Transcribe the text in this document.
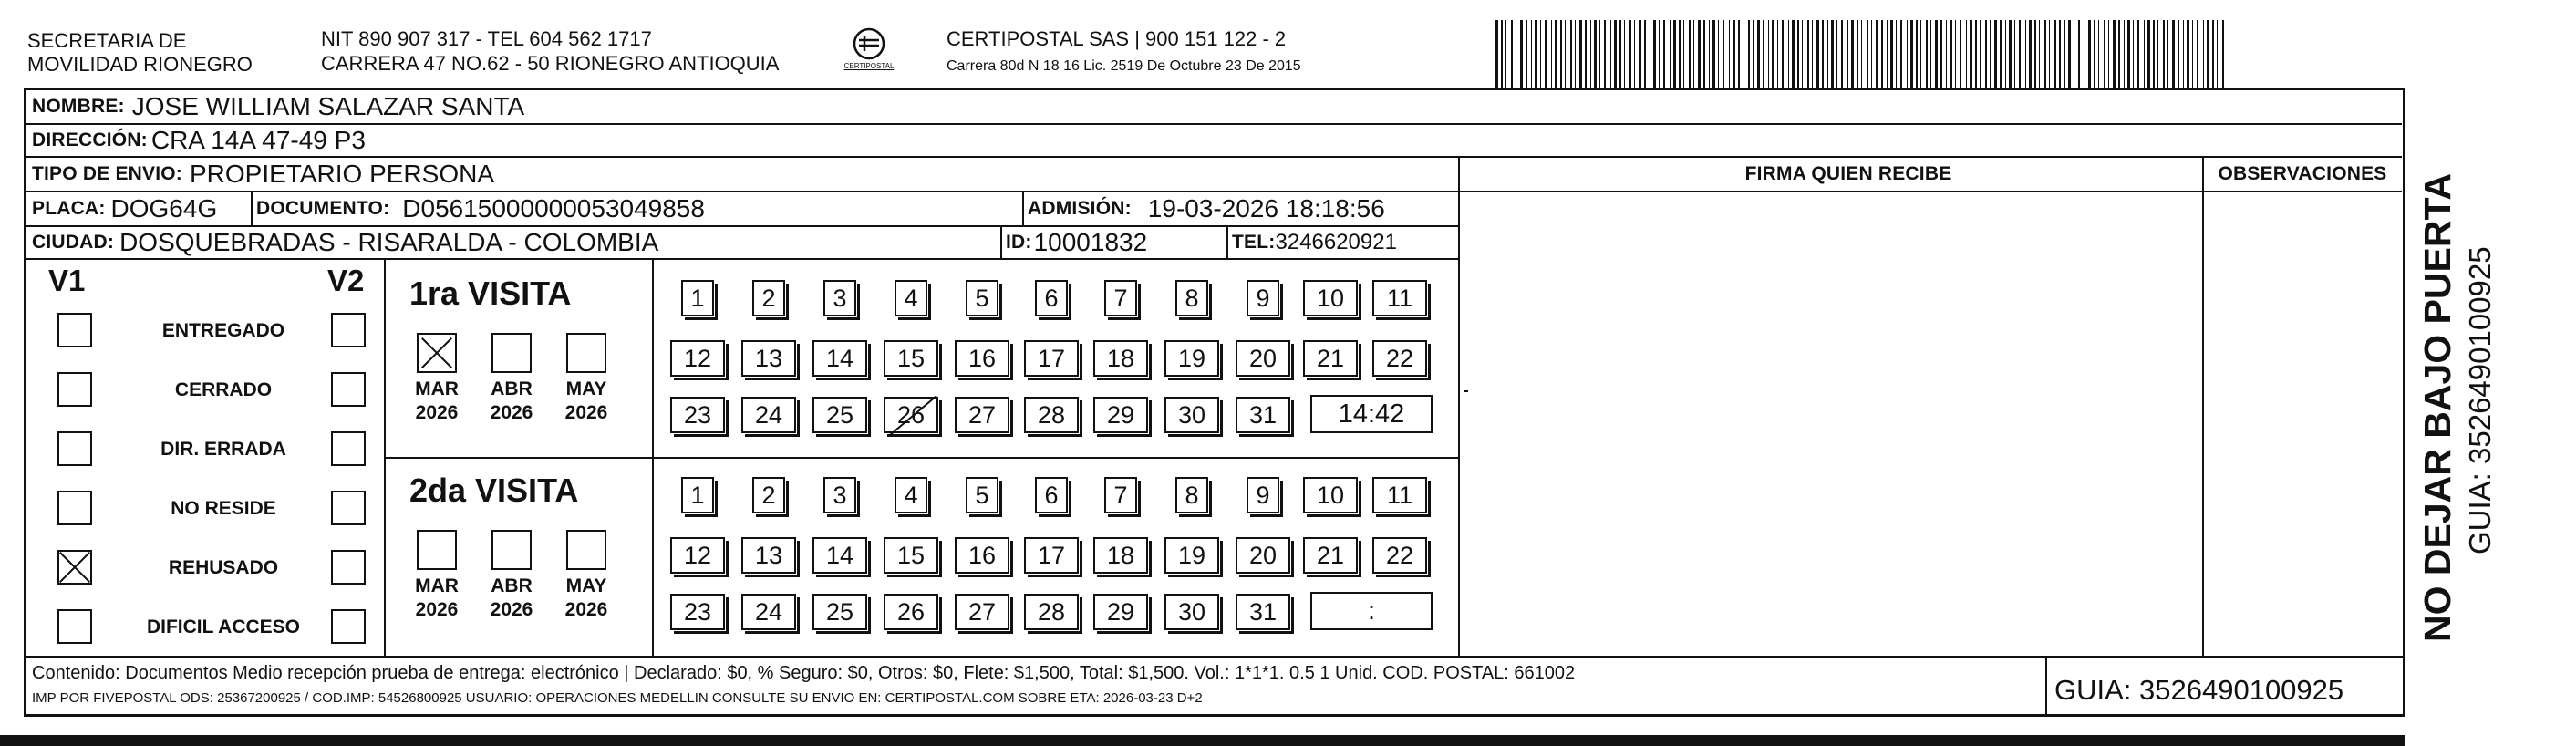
SECRETARIA DE
MOVILIDAD RIONEGRO
NIT 890 907 317 - TEL 604 562 1717
CARRERA 47 NO.62 - 50 RIONEGRO ANTIOQUIA	CERTIPOSTAL
CERTIPOSTAL SAS | 900 151 122 - 2
Carrera 80d N 18 16 Lic. 2519 De Octubre 23 De 2015
NOMBRE: JOSE WILLIAM SALAZAR SANTA
DIRECCIÓN: CRA 14A 47-49 P3
TIPO DE ENVIO: PROPIETARIO PERSONA	FIRMA QUIEN RECIBE	OBSERVACIONES
PLACA: DOG64G DOCUMENTO: D05615000000053049858	ADMISIÓN: 19-03-2026 18:18:56
CIUDAD: DOSQUEBRADAS - RISARALDA - COLOMBIA	ID: 10001832	TEL: 3246620921
V1	V2
ENTREGADO
CERRADO
DIR. ERRADA
NO RESIDE
REHUSADO
DIFICIL ACCESO
1ra VISITA
MAR
2026
ABR
2026
MAY
2026
1	2	3	4	5	6	7	8	9	10	11
12	13	14	15	16	17	18	19	20	21	22
23	24	25	26	27	28	29	30	31	14:42
2da VISITA
MAR
2026
ABR
2026
MAY
2026
1	2	3	4	5	6	7	8	9	10	11
12	13	14	15	16	17	18	19	20	21	22
23	24	25	26	27	28	29	30	31	:
Contenido: Documentos Medio recepción prueba de entrega: electrónico | Declarado: $0, % Seguro: $0, Otros: $0, Flete: $1,500, Total: $1,500. Vol.: 1*1*1. 0.5 1 Unid. COD. POSTAL: 661002
IMP POR FIVEPOSTAL ODS: 25367200925 / COD.IMP: 54526800925 USUARIO: OPERACIONES MEDELLIN CONSULTE SU ENVIO EN: CERTIPOSTAL.COM SOBRE ETA: 2026-03-23 D+2	GUIA: 3526490100925
NO DEJAR BAJO PUERTA GUIA: 3526490100925
